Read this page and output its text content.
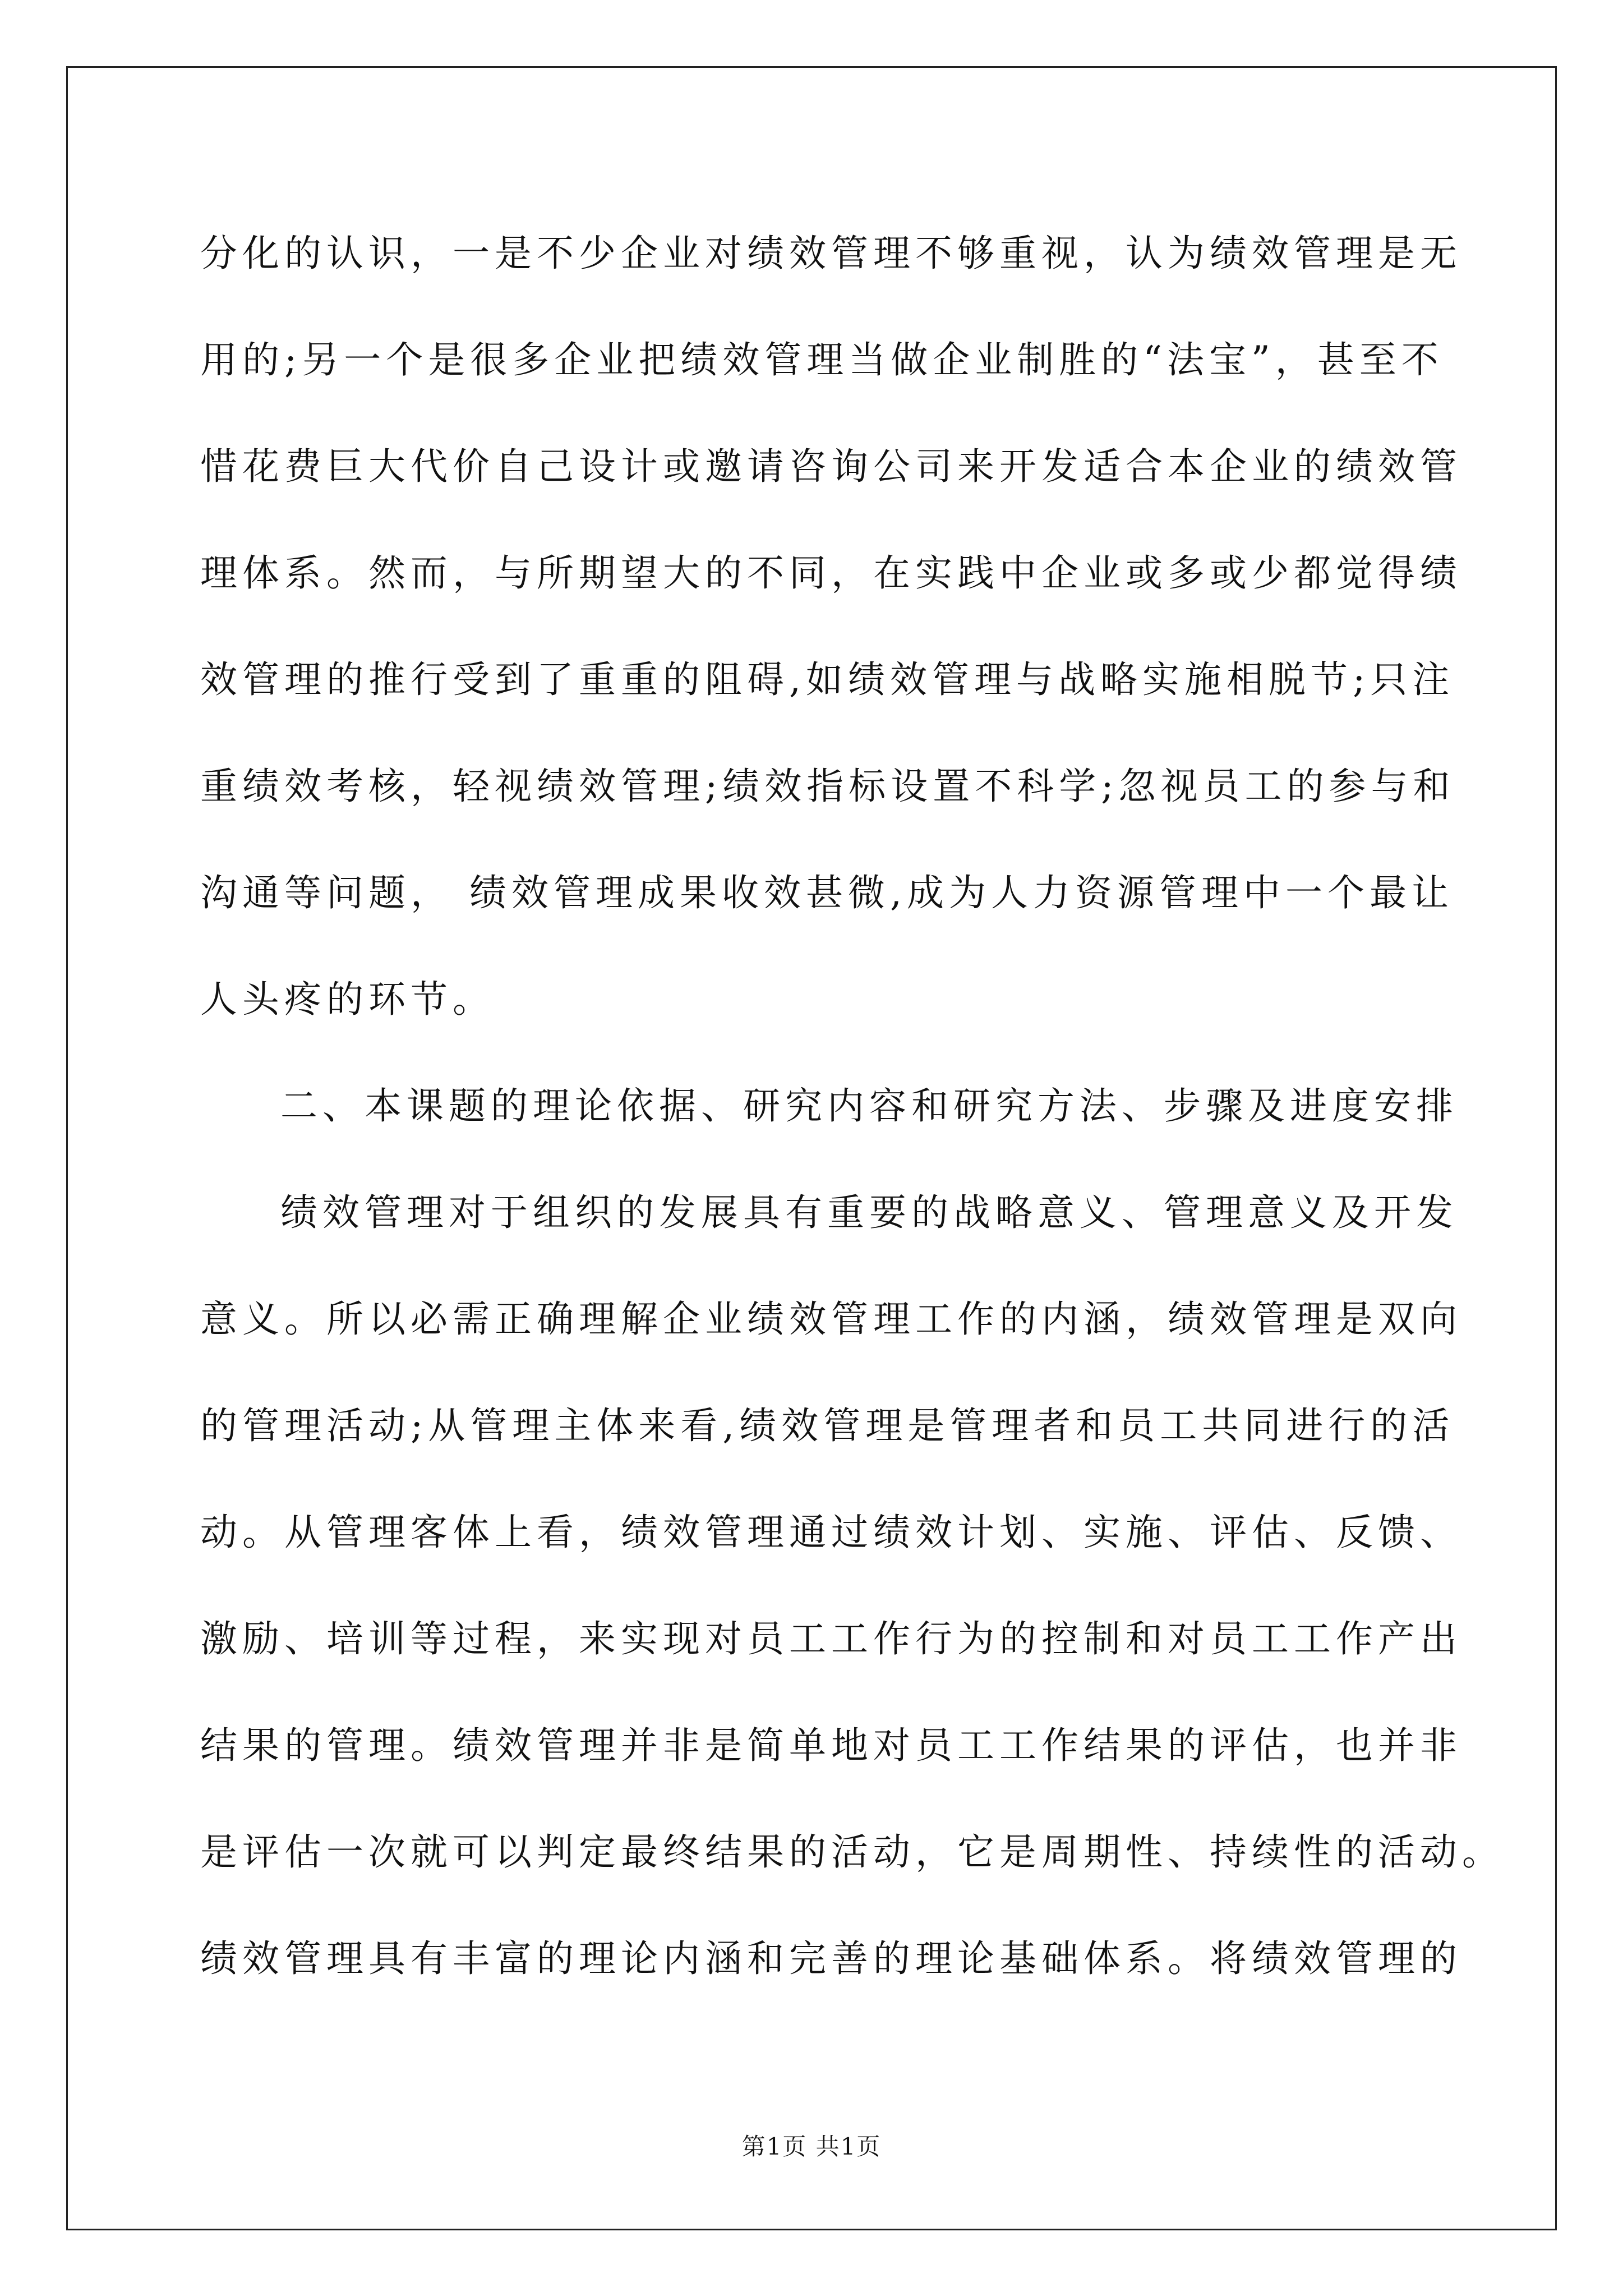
分化的认识，一是不少企业对绩效管理不够重视，认为绩效管理是无
用的;另一个是很多企业把绩效管理当做企业制胜的“法宝”，甚至不
惜花费巨大代价自己设计或邀请咨询公司来开发适合本企业的绩效管
理体系。然而，与所期望大的不同，在实践中企业或多或少都觉得绩
效管理的推行受到了重重的阻碍,如绩效管理与战略实施相脱节;只注
重绩效考核，轻视绩效管理;绩效指标设置不科学;忽视员工的参与和
沟通等问题， 绩效管理成果收效甚微,成为人力资源管理中一个最让
人头疼的环节。
二、本课题的理论依据、研究内容和研究方法、步骤及进度安排
绩效管理对于组织的发展具有重要的战略意义、管理意义及开发
意义。所以必需正确理解企业绩效管理工作的内涵，绩效管理是双向
的管理活动;从管理主体来看,绩效管理是管理者和员工共同进行的活
动。从管理客体上看，绩效管理通过绩效计划、实施、评估、反馈、
激励、培训等过程，来实现对员工工作行为的控制和对员工工作产出
结果的管理。绩效管理并非是简单地对员工工作结果的评估，也并非
是评估一次就可以判定最终结果的活动，它是周期性、持续性的活动。
绩效管理具有丰富的理论内涵和完善的理论基础体系。将绩效管理的
第1页 共1页
